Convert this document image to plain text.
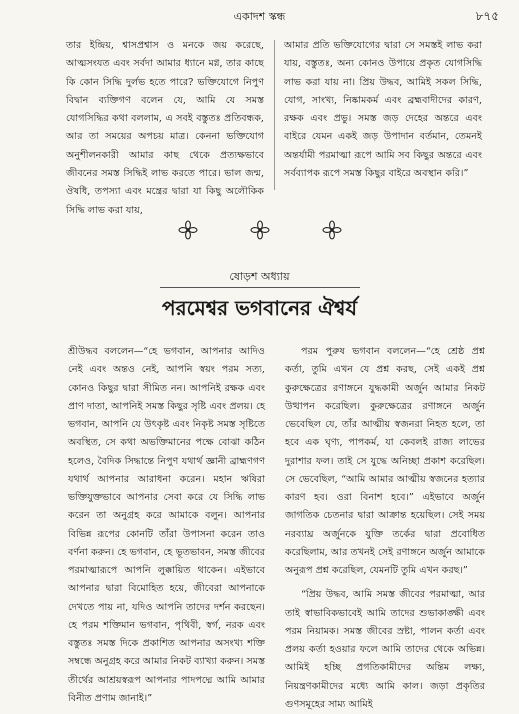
একাদশ স্কন্ধ	৮৭৫

তার ইন্দ্রিয়, শ্বাসপ্রশ্বাস ও মনকে জয় করেছে, আত্মসংযত এবং সর্বদা আমার ধ্যানে মগ্ন, তার কাছে কি কোন সিদ্ধি দুর্লভ হতে পারে? ভক্তিযোগে নিপুণ বিদ্বান ব্যক্তিগণ বলেন যে, আমি যে সমস্ত যোগসিদ্ধির কথা বললাম, এ সবই বস্তুতঃ প্রতিবন্ধক, আর তা সময়ের অপচয় মাত্র। কেননা ভক্তিযোগ অনুশীলনকারী আমার কাছ থেকে প্রত্যক্ষভাবে জীবনের সমস্ত সিদ্ধিই লাভ করতে পারে। ভাল জন্ম, ঔষধি, তপস্যা এবং মন্ত্রের দ্বারা যা কিছু অলৌকিক সিদ্ধি লাভ করা যায়,

আমার প্রতি ভক্তিযোগের দ্বারা সে সমস্তই লাভ করা যায়, বস্তুতঃ, অন্য কোনও উপায়ে প্রকৃত যোগসিদ্ধি লাভ করা যায় না। প্রিয় উদ্ধব, আমিই সকল সিদ্ধি, যোগ, সাংখ্য, নিষ্কামকর্ম এবং ব্রহ্মবাদীদের কারণ, রক্ষক এবং প্রভু। সমস্ত জড় দেহের অন্তরে এবং বাইরে যেমন একই জড় উপাদান বর্তমান, তেমনই অন্তর্যামী পরমাত্মা রূপে আমি সব কিছুর অন্তরে এবং সর্বব্যাপক রূপে সমস্ত কিছুর বাইরে অবস্থান করি।”

ষোড়শ অধ্যায়
পরমেশ্বর ভগবানের ঐশ্বর্য

শ্রীউদ্ধব বললেন—“হে ভগবান, আপনার আদিও নেই এবং অন্তও নেই, আপনি স্বয়ং পরম সত্য, কোনও কিছুর দ্বারা সীমিত নন। আপনিই রক্ষক এবং প্রাণ দাতা, আপনিই সমস্ত কিছুর সৃষ্টি এবং প্রলয়। হে ভগবান, আপনি যে উৎকৃষ্ট এবং নিকৃষ্ট সমস্ত সৃষ্টিতে অবস্থিত, সে কথা অভক্তিমানের পক্ষে বোঝা কঠিন হলেও, বৈদিক সিদ্ধান্তে নিপুণ যথার্থ জ্ঞানী ব্রাহ্মণগণ যথার্থ আপনার আরাধনা করেন। মহান ঋষিরা ভক্তিযুক্তভাবে আপনার সেবা করে যে সিদ্ধি লাভ করেন তা অনুগ্রহ করে আমাকে বলুন। আপনার বিভিন্ন রূপের কোনটি তাঁরা উপাসনা করেন তাও বর্ণনা করুন। হে ভগবান, হে ভূতভাবন, সমস্ত জীবের পরমাত্মারূপে আপনি লুক্কায়িত থাকেন। এইভাবে আপনার দ্বারা বিমোহিত হয়ে, জীবেরা আপনাকে দেখতে পায় না, যদিও আপনি তাদের দর্শন করছেন। হে পরম শক্তিমান ভগবান, পৃথিবী, স্বর্গ, নরক এবং বস্তুতঃ সমস্ত দিকে প্রকাশিত আপনার অসংখ্য শক্তি সম্বন্ধে অনুগ্রহ করে আমার নিকট ব্যাখ্যা করুন। সমস্ত তীর্থের আশ্রয়স্বরূপ আপনার পাদপদ্মে আমি আমার বিনীত প্রণাম জানাই।”

পরম পুরুষ ভগবান বললেন—“হে শ্রেষ্ঠ প্রশ্ন কর্তা, তুমি এখন যে প্রশ্ন করছ, সেই একই প্রশ্ন কুরুক্ষেত্রের রণাঙ্গনে যুদ্ধকামী অর্জুন আমার নিকট উত্থাপন করেছিল। কুরুক্ষেত্রের রণাঙ্গনে অর্জুন ভেবেছিল যে, তাঁর আত্মীয় স্বজনরা নিহত হলে, তা হবে এক ঘৃণ্য, পাপকর্ম, যা কেবলই রাজ্য লাভের দুরাশার ফল। তাই সে যুদ্ধে অনিচ্ছা প্রকাশ করেছিল। সে ভেবেছিল, “আমি আমার আত্মীয় স্বজনের হত্যার কারণ হব। ওরা বিনাশ হবে।” এইভাবে অর্জুন জাগতিক চেতনার দ্বারা আক্রান্ত হয়েছিল। সেই সময় নরব্যাঘ্র অর্জুনকে যুক্তি তর্কের দ্বারা প্রবোধিত করেছিলাম, আর তখনই সেই রণাঙ্গনে অর্জুন আমাকে অনুরূপ প্রশ্ন করেছিল, যেমনটি তুমি এখন করছ।”

“প্রিয় উদ্ধব, আমি সমস্ত জীবের পরমাত্মা, আর তাই স্বাভাবিকভাবেই আমি তাদের শুভাকাঙ্ক্ষী এবং পরম নিয়ামক। সমস্ত জীবের স্রষ্টা, পালন কর্তা এবং প্রলয় কর্তা হওয়ার ফলে আমি তাদের থেকে অভিন্ন। আমিই হচ্ছি প্রগতিকামীদের অন্তিম লক্ষ্য, নিয়ন্ত্রণকামীদের মধ্যে আমি কাল। জড়া প্রকৃতির গুণসমূহের সাম্য আমিই
